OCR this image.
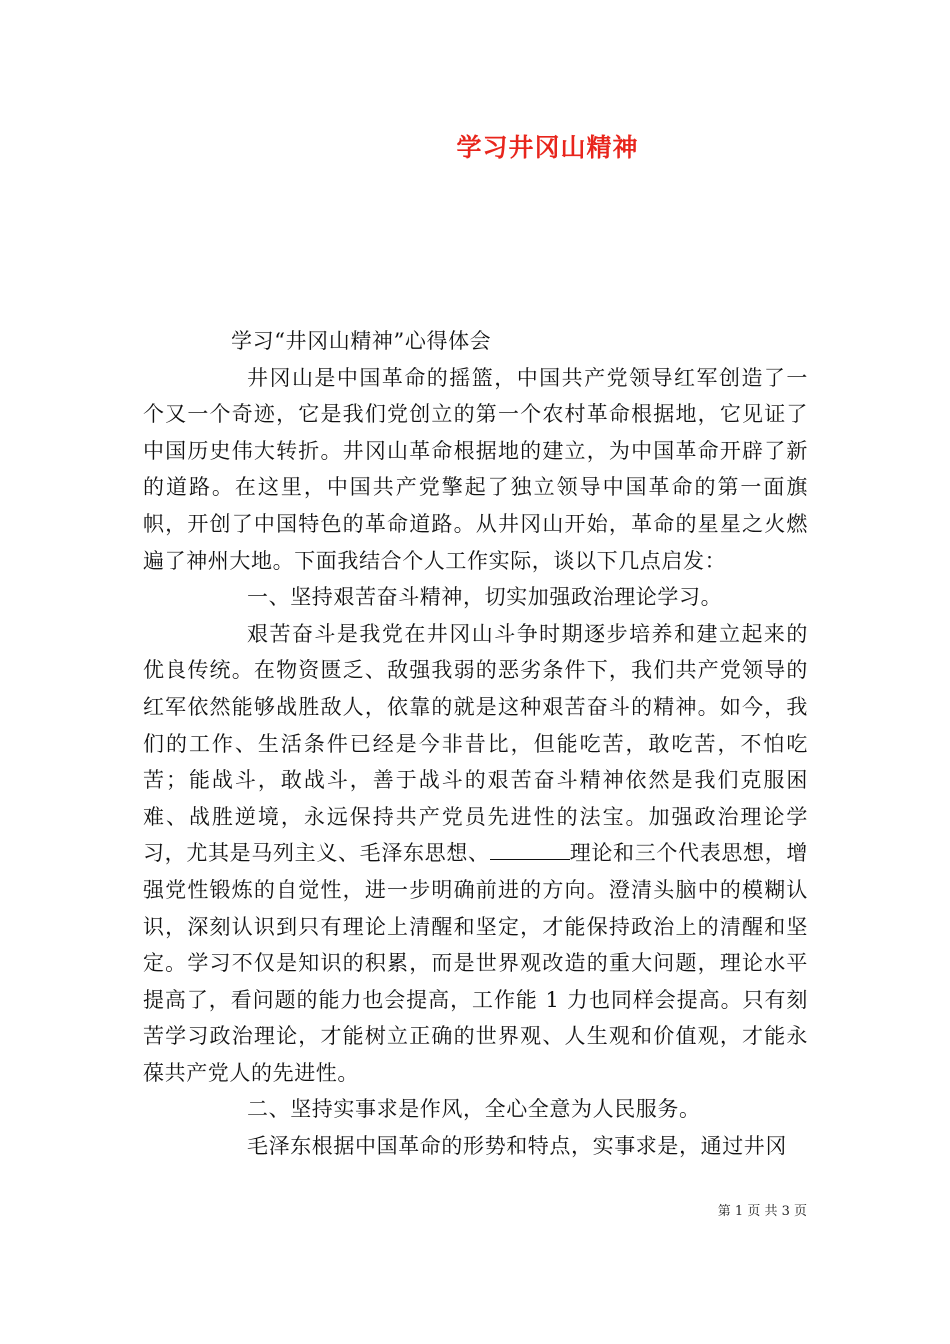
学习井冈山精神

学习“井冈山精神”心得体会

井冈山是中国革命的摇篮，中国共产党领导红军创造了一个又一个奇迹，它是我们党创立的第一个农村革命根据地，它见证了中国历史伟大转折。井冈山革命根据地的建立，为中国革命开辟了新的道路。在这里，中国共产党擎起了独立领导中国革命的第一面旗帜，开创了中国特色的革命道路。从井冈山开始，革命的星星之火燃遍了神州大地。下面我结合个人工作实际，谈以下几点启发：

一、坚持艰苦奋斗精神，切实加强政治理论学习。

艰苦奋斗是我党在井冈山斗争时期逐步培养和建立起来的优良传统。在物资匮乏、敌强我弱的恶劣条件下，我们共产党领导的红军依然能够战胜敌人，依靠的就是这种艰苦奋斗的精神。如今，我们的工作、生活条件已经是今非昔比，但能吃苦，敢吃苦，不怕吃苦；能战斗，敢战斗，善于战斗的艰苦奋斗精神依然是我们克服困难、战胜逆境，永远保持共产党员先进性的法宝。加强政治理论学习，尤其是马列主义、毛泽东思想、	理论和三个代表思想，增强党性锻炼的自觉性，进一步明确前进的方向。澄清头脑中的模糊认识，深刻认识到只有理论上清醒和坚定，才能保持政治上的清醒和坚定。学习不仅是知识的积累，而是世界观改造的重大问题，理论水平提高了，看问题的能力也会提高，工作能 1 力也同样会提高。只有刻苦学习政治理论，才能树立正确的世界观、人生观和价值观，才能永葆共产党人的先进性。

二、坚持实事求是作风，全心全意为人民服务。

毛泽东根据中国革命的形势和特点，实事求是，通过井冈

第 1 页 共 3 页
